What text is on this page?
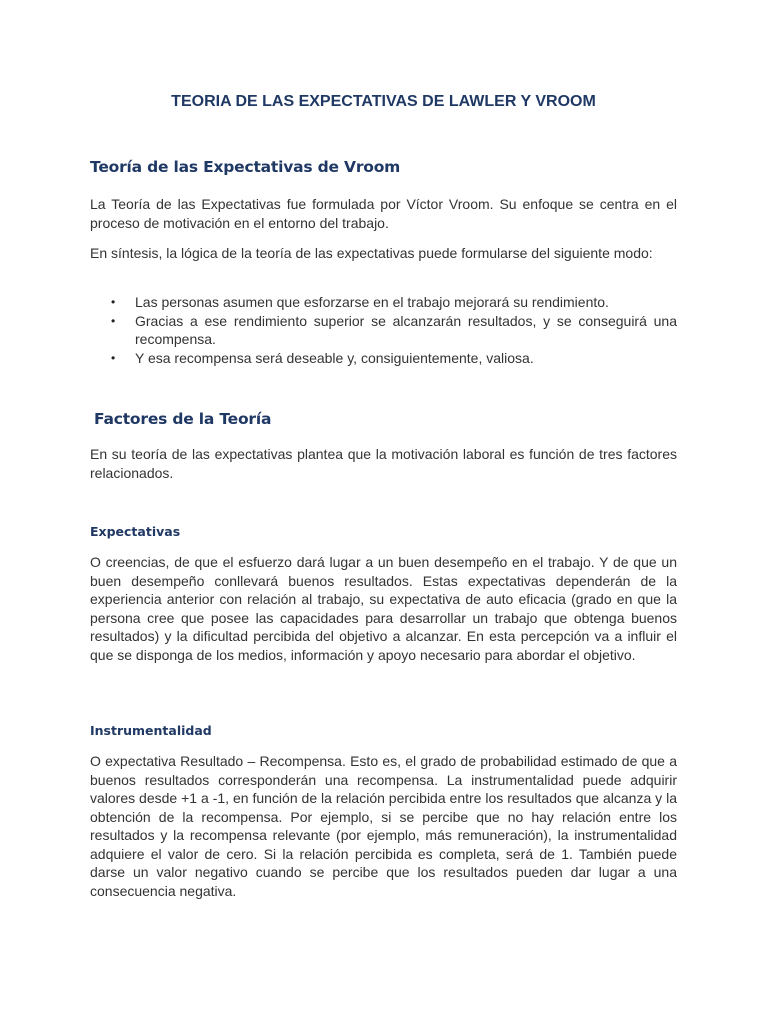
TEORIA DE LAS EXPECTATIVAS DE LAWLER Y VROOM
Teoría de las Expectativas de Vroom

La Teoría de las Expectativas fue formulada por Víctor Vroom. Su enfoque se centra en el proceso de motivación en el entorno del trabajo.

En síntesis, la lógica de la teoría de las expectativas puede formularse del siguiente modo:

• Las personas asumen que esforzarse en el trabajo mejorará su rendimiento.
• Gracias a ese rendimiento superior se alcanzarán resultados, y se conseguirá una recompensa.
• Y esa recompensa será deseable y, consiguientemente, valiosa.
Factores de la Teoría

En su teoría de las expectativas plantea que la motivación laboral es función de tres factores relacionados.

Expectativas

O creencias, de que el esfuerzo dará lugar a un buen desempeño en el trabajo. Y de que un buen desempeño conllevará buenos resultados. Estas expectativas dependerán de la experiencia anterior con relación al trabajo, su expectativa de auto eficacia (grado en que la persona cree que posee las capacidades para desarrollar un trabajo que obtenga buenos resultados) y la dificultad percibida del objetivo a alcanzar. En esta percepción va a influir el que se disponga de los medios, información y apoyo necesario para abordar el objetivo.

Instrumentalidad

O expectativa Resultado – Recompensa. Esto es, el grado de probabilidad estimado de que a buenos resultados corresponderán una recompensa. La instrumentalidad puede adquirir valores desde +1 a -1, en función de la relación percibida entre los resultados que alcanza y la obtención de la recompensa. Por ejemplo, si se percibe que no hay relación entre los resultados y la recompensa relevante (por ejemplo, más remuneración), la instrumentalidad adquiere el valor de cero. Si la relación percibida es completa, será de 1. También puede darse un valor negativo cuando se percibe que los resultados pueden dar lugar a una consecuencia negativa.
